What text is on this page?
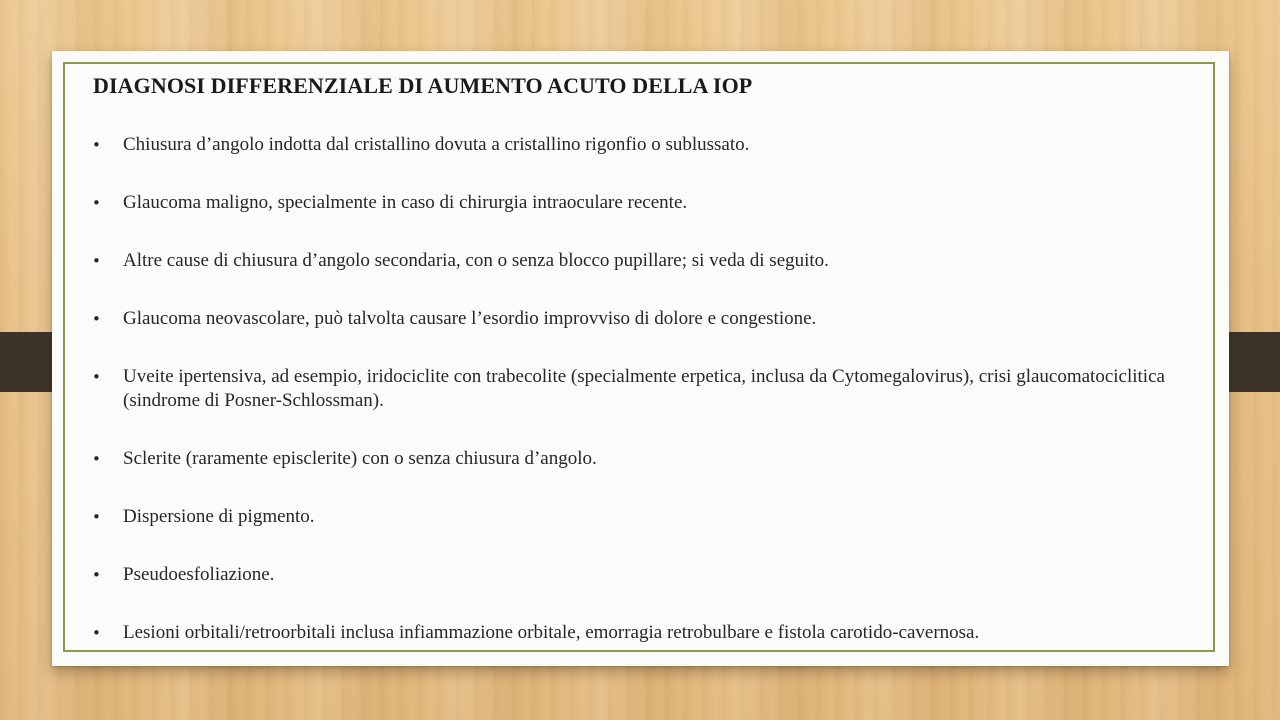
DIAGNOSI DIFFERENZIALE DI AUMENTO ACUTO DELLA IOP
• Chiusura d’angolo indotta dal cristallino dovuta a cristallino rigonfio o sublussato.
• Glaucoma maligno, specialmente in caso di chirurgia intraoculare recente.
• Altre cause di chiusura d’angolo secondaria, con o senza blocco pupillare; si veda di seguito.
• Glaucoma neovascolare, può talvolta causare l’esordio improvviso di dolore e congestione.
• Uveite ipertensiva, ad esempio, iridociclite con trabecolite (specialmente erpetica, inclusa da Cytomegalovirus), crisi glaucomatociclitica (sindrome di Posner-Schlossman).
• Sclerite (raramente episclerite) con o senza chiusura d’angolo.
• Dispersione di pigmento.
• Pseudoesfoliazione.
• Lesioni orbitali/retroorbitali inclusa infiammazione orbitale, emorragia retrobulbare e fistola carotido-cavernosa.
